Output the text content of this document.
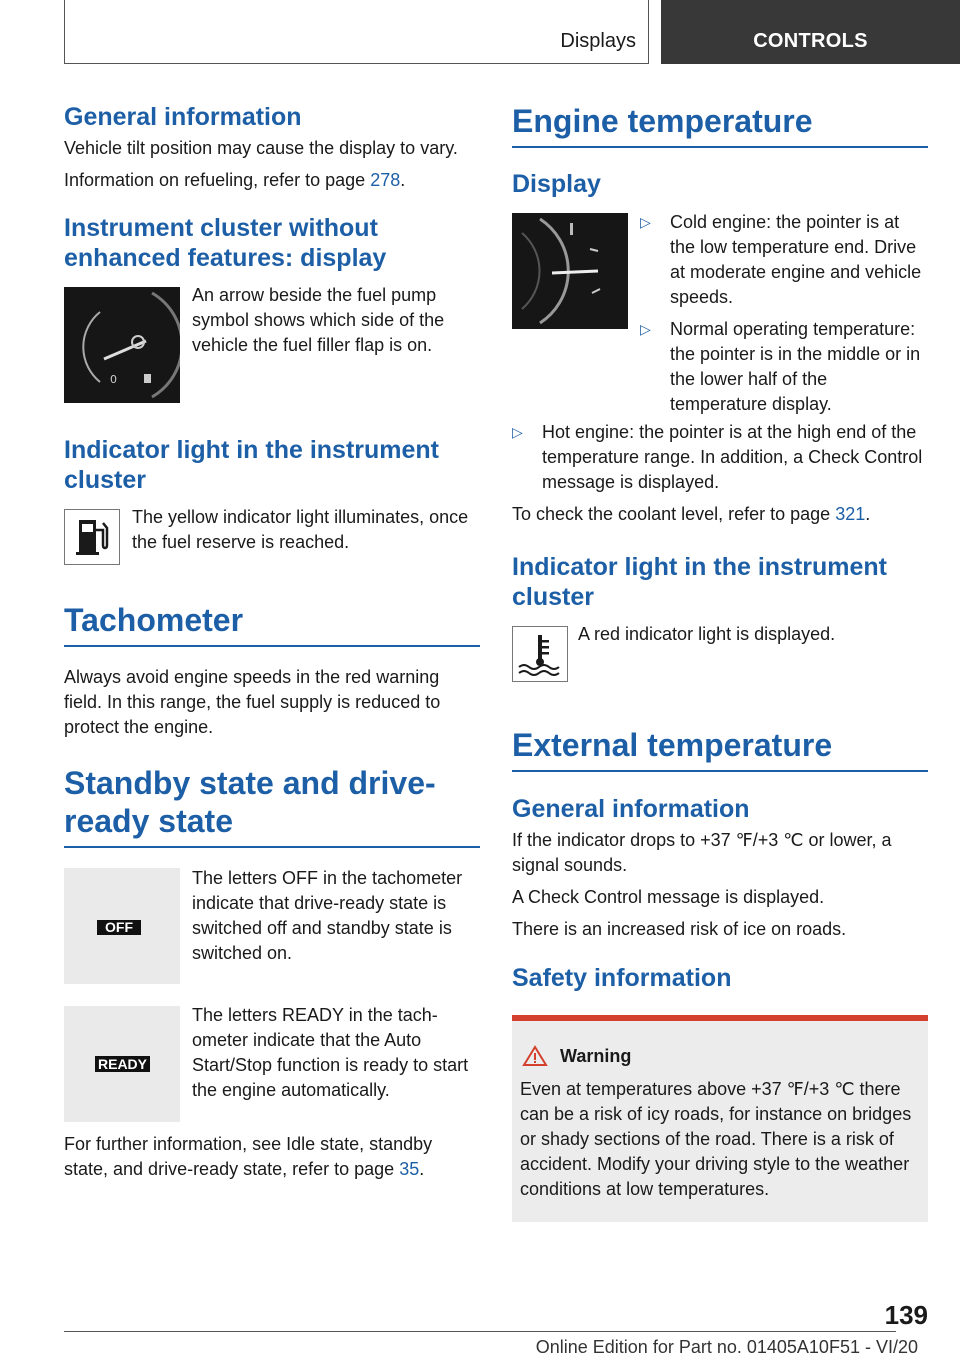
Displays	CONTROLS
General information

Vehicle tilt position may cause the display to vary.

Information on refueling, refer to page 278.

Instrument cluster without enhanced features: display
0

An arrow beside the fuel pump symbol shows which side of the vehicle the fuel filler flap is on.

Indicator light in the instrument cluster

The yellow indicator light illuminates, once the fuel reserve is reached.

Tachometer

Always avoid engine speeds in the red warning field. In this range, the fuel supply is reduced to protect the engine.

Standby state and drive-
ready state
OFF

The letters OFF in the tachometer indicate that drive-ready state is switched off and standby state is switched on.

READY

The letters READY in the tachometer indicate that the Auto Start/Stop function is ready to start the engine automatically.

For further information, see Idle state, standby state, and drive-ready state, refer to page 35.

Engine temperature
Display
▷ Cold engine: the pointer is at the low temperature end. Drive at moderate engine and vehicle speeds.
▷ Normal operating temperature: the pointer is in the middle or in the lower half of the temperature display.
▷ Hot engine: the pointer is at the high end of the temperature range. In addition, a Check Control message is displayed.

To check the coolant level, refer to page 321.

Indicator light in the instrument cluster

A red indicator light is displayed.

External temperature
General information

If the indicator drops to +37 ℉/+3 ℃ or lower, a signal sounds.

A Check Control message is displayed.

There is an increased risk of ice on roads.

Safety information
Warning

Even at temperatures above +37 ℉/+3 ℃ there can be a risk of icy roads, for instance on bridges or shady sections of the road. There is a risk of accident. Modify your driving style to the weather conditions at low temperatures.

139
Online Edition for Part no. 01405A10F51 - VI/20
